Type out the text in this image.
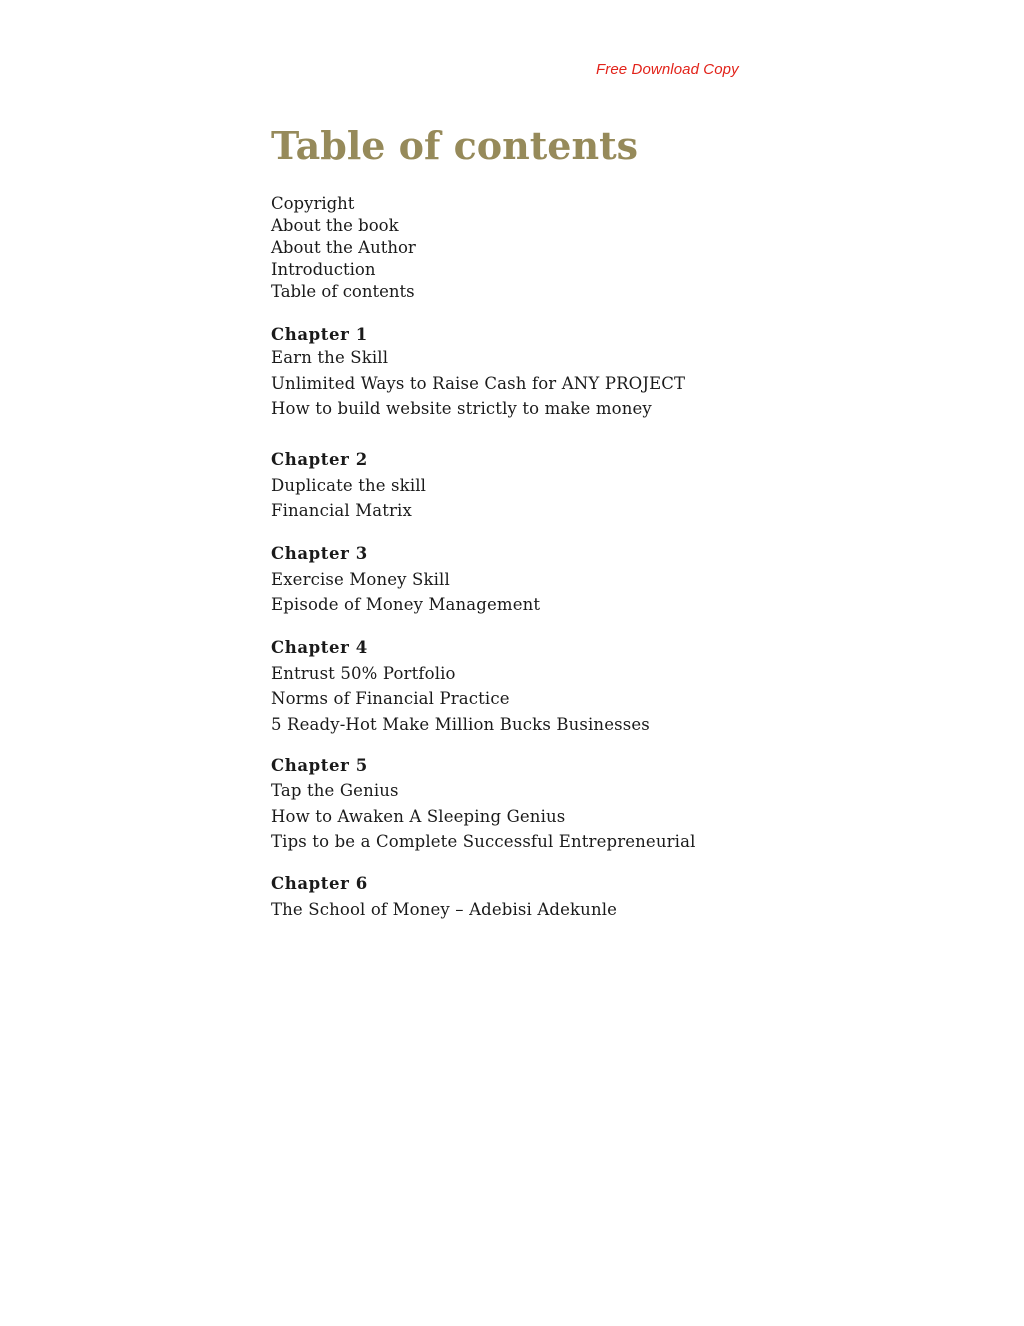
Free Download Copy
Table of contents
Copyright
About the book
About the Author
Introduction
Table of contents
Chapter 1
Earn the Skill
Unlimited Ways to Raise Cash for ANY PROJECT
How to build website strictly to make money
Chapter 2
Duplicate the skill
Financial Matrix
Chapter 3
Exercise Money Skill
Episode of Money Management
Chapter 4
Entrust 50% Portfolio
Norms of Financial Practice
5 Ready-Hot Make Million Bucks Businesses
Chapter 5
Tap the Genius
How to Awaken A Sleeping Genius
Tips to be a Complete Successful Entrepreneurial
Chapter 6
The School of Money – Adebisi Adekunle
